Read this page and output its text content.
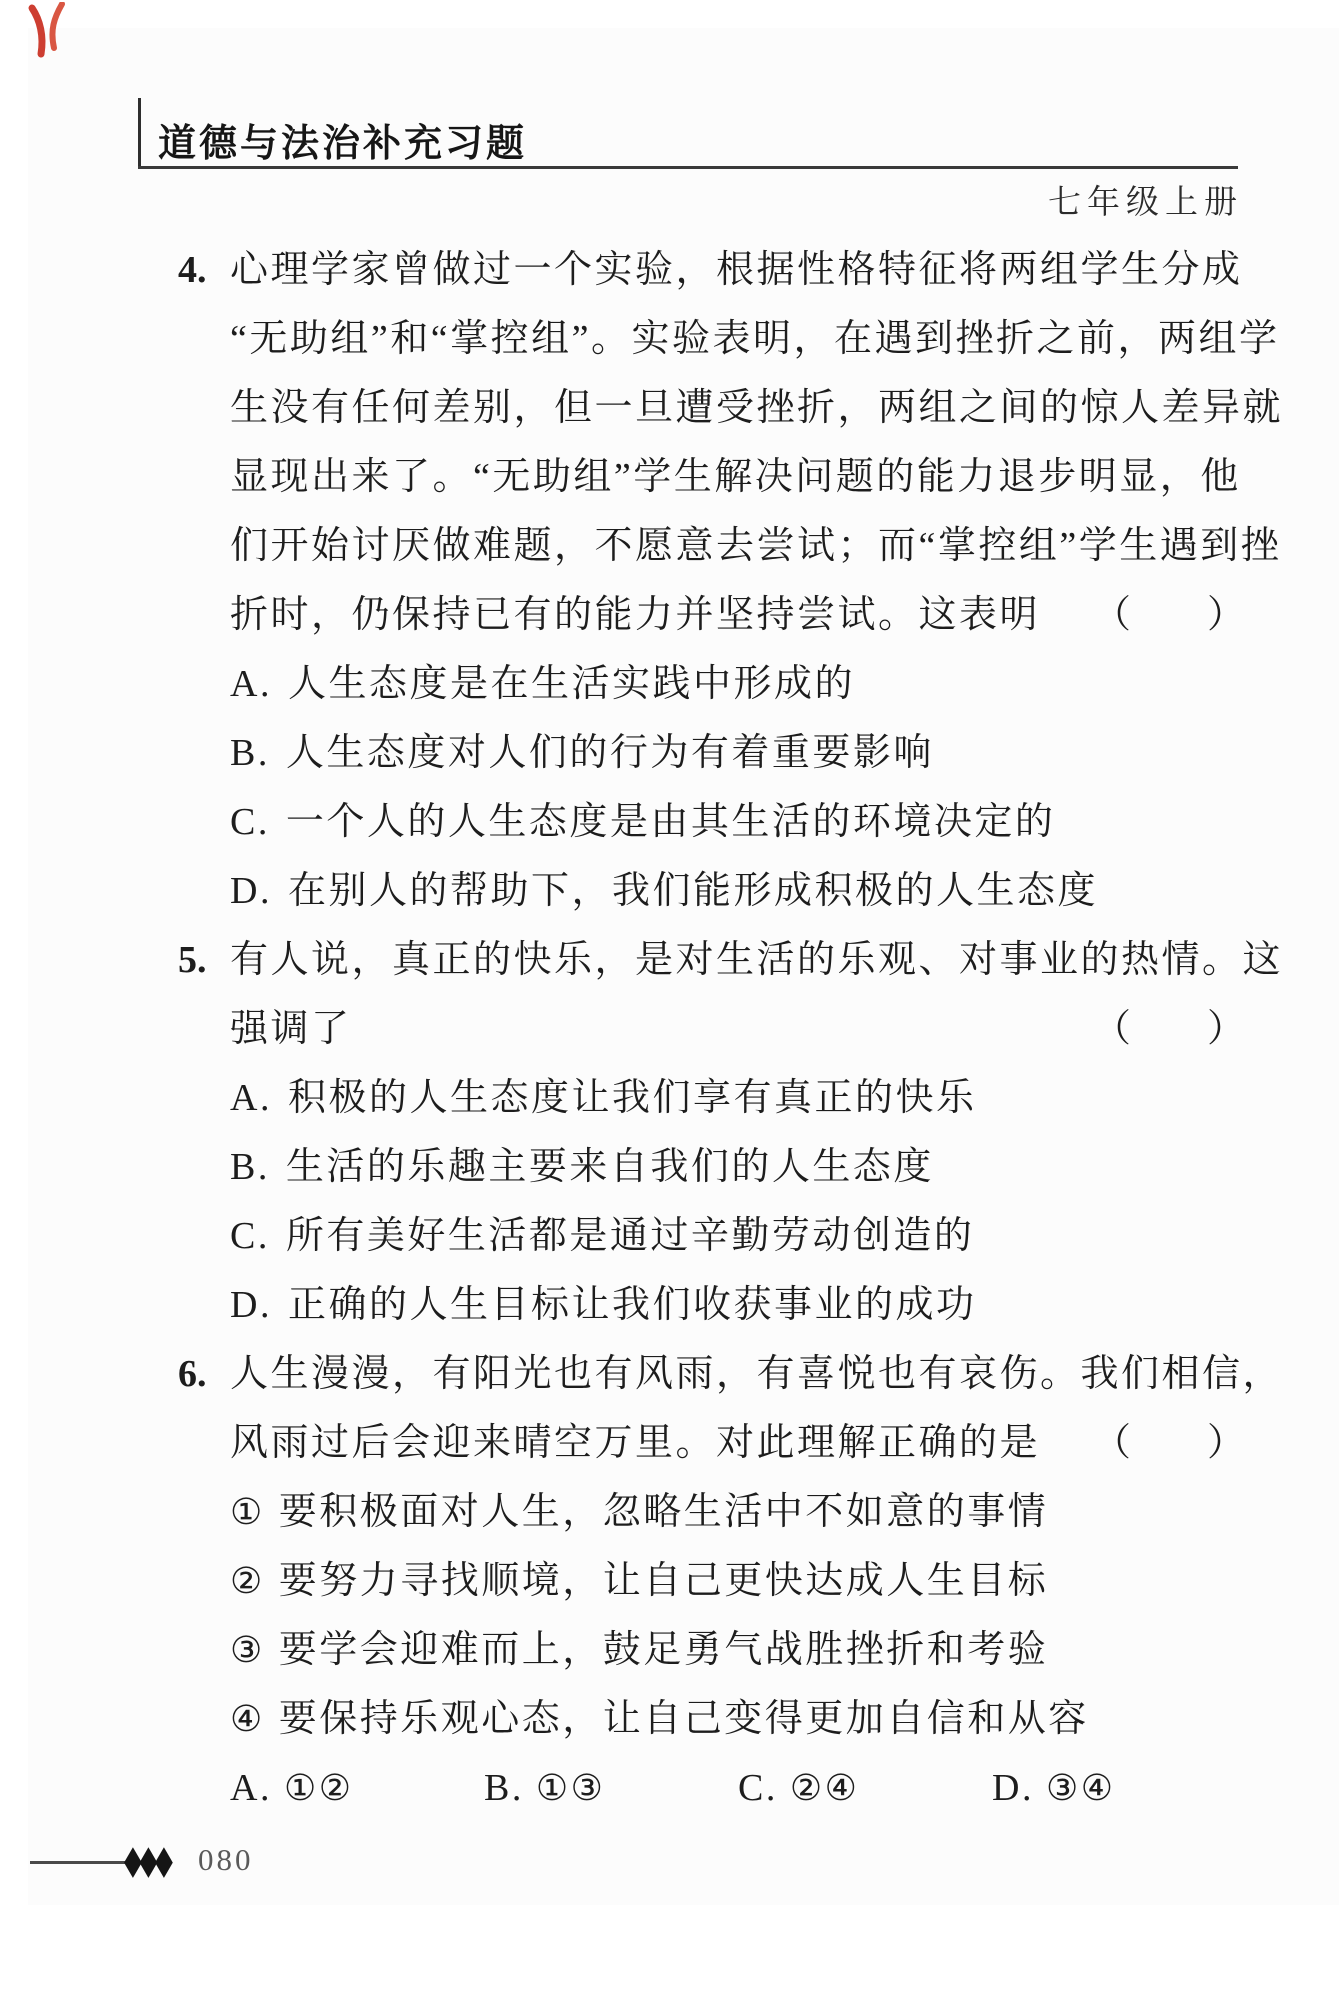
道德与法治补充习题
七年级上册
4. 心理学家曾做过一个实验，根据性格特征将两组学生分成
“无助组”和“掌控组”。实验表明，在遇到挫折之前，两组学
生没有任何差别，但一旦遭受挫折，两组之间的惊人差异就
显现出来了。“无助组”学生解决问题的能力退步明显，他
们开始讨厌做难题，不愿意去尝试；而“掌控组”学生遇到挫
折时，仍保持已有的能力并坚持尝试。这表明 （　　）
A. 人生态度是在生活实践中形成的
B. 人生态度对人们的行为有着重要影响
C. 一个人的人生态度是由其生活的环境决定的
D. 在别人的帮助下，我们能形成积极的人生态度
5. 有人说，真正的快乐，是对生活的乐观、对事业的热情。这
强调了	（　　）
A. 积极的人生态度让我们享有真正的快乐
B. 生活的乐趣主要来自我们的人生态度
C. 所有美好生活都是通过辛勤劳动创造的
D. 正确的人生目标让我们收获事业的成功
6. 人生漫漫，有阳光也有风雨，有喜悦也有哀伤。我们相信，
风雨过后会迎来晴空万里。对此理解正确的是 （　　）
① 要积极面对人生，忽略生活中不如意的事情
② 要努力寻找顺境，让自己更快达成人生目标
③ 要学会迎难而上，鼓足勇气战胜挫折和考验
④ 要保持乐观心态，让自己变得更加自信和从容
A. ①②	B. ①③	C. ②④	D. ③④
◆◆◆ 080
